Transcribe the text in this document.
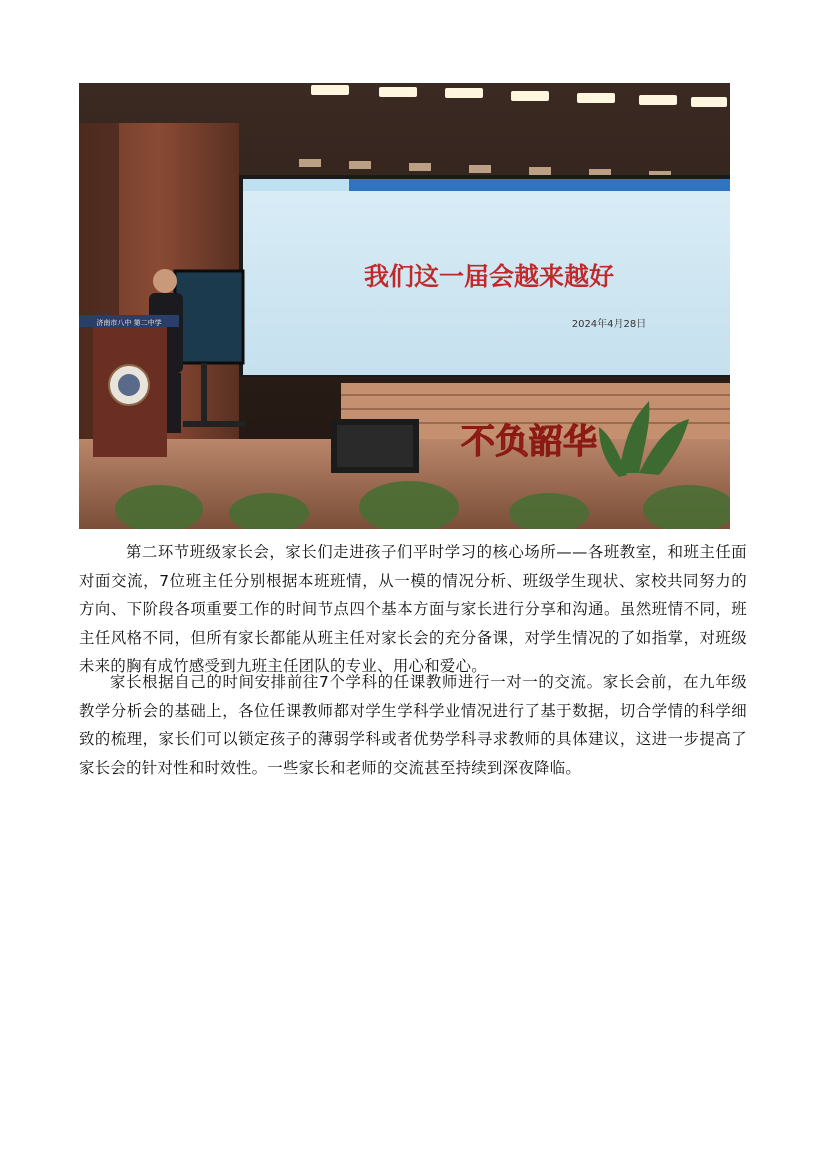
我们这一届会越来越好
2024年4月28日
济南市八中 第二中学
不负韶华

第二环节班级家长会，家长们走进孩子们平时学习的核心场所——各班教室，和班主任面对面交流，7位班主任分别根据本班班情，从一模的情况分析、班级学生现状、家校共同努力的方向、下阶段各项重要工作的时间节点四个基本方面与家长进行分享和沟通。虽然班情不同，班主任风格不同，但所有家长都能从班主任对家长会的充分备课，对学生情况的了如指掌，对班级未来的胸有成竹感受到九班主任团队的专业、用心和爱心。

家长根据自己的时间安排前往7个学科的任课教师进行一对一的交流。家长会前，在九年级教学分析会的基础上，各位任课教师都对学生学科学业情况进行了基于数据，切合学情的科学细致的梳理，家长们可以锁定孩子的薄弱学科或者优势学科寻求教师的具体建议，这进一步提高了家长会的针对性和时效性。一些家长和老师的交流甚至持续到深夜降临。
